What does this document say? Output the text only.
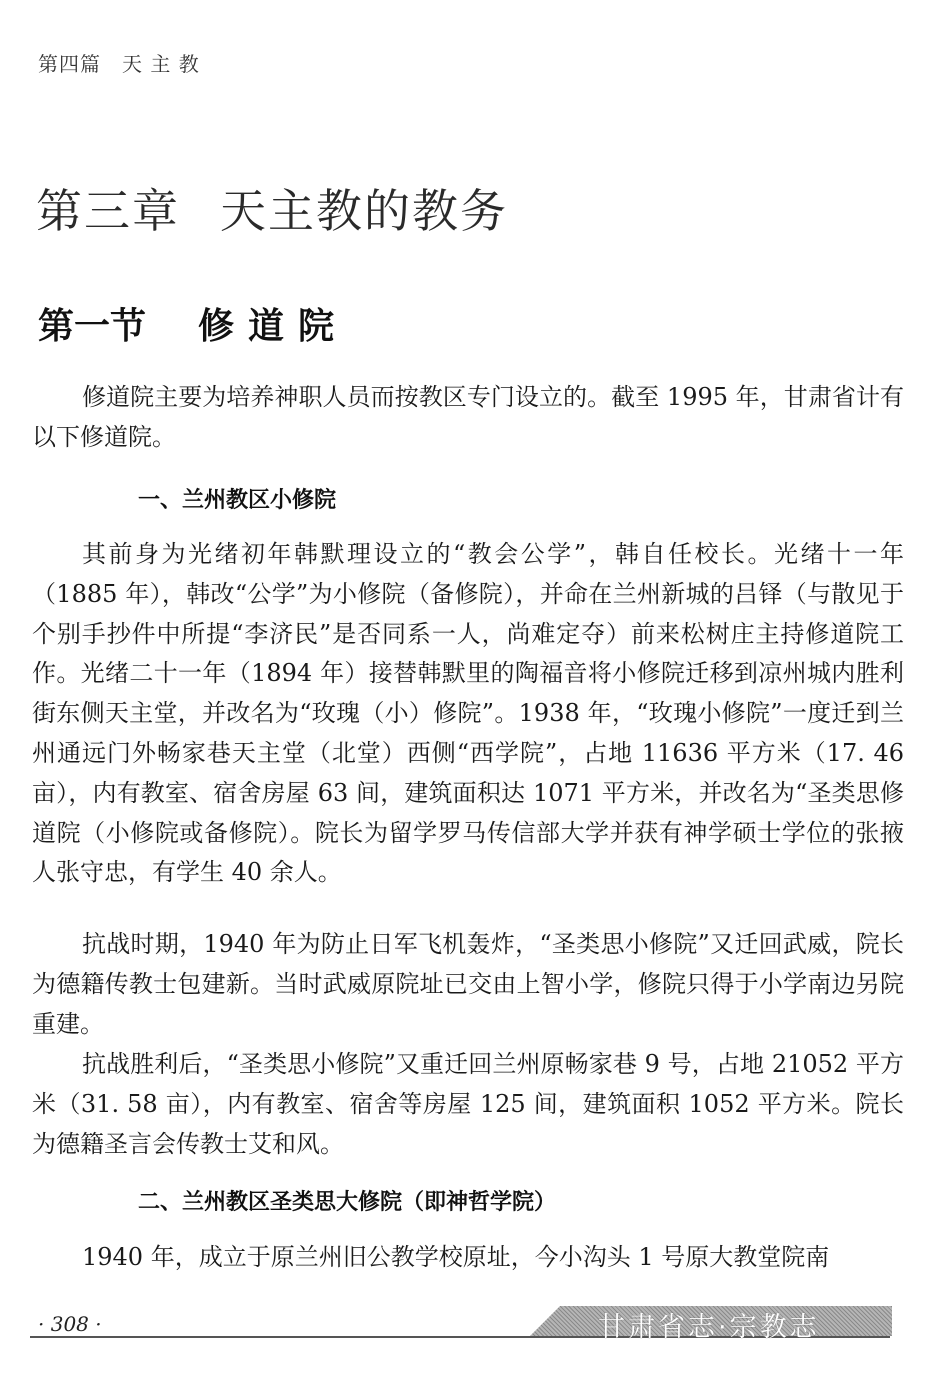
第四篇　天 主 教
第三章 天主教的教务
第一节 修道院

修道院主要为培养神职人员而按教区专门设立的。截至 1995 年，甘肃省计有以下修道院。

一、兰州教区小修院

其前身为光绪初年韩默理设立的“教会公学”，韩自任校长。光绪十一年（1885 年），韩改“公学”为小修院（备修院），并命在兰州新城的吕铎（与散见于个别手抄件中所提“李济民”是否同系一人，尚难定夺）前来松树庄主持修道院工作。光绪二十一年（1894 年）接替韩默里的陶福音将小修院迁移到凉州城内胜利街东侧天主堂，并改名为“玫瑰（小）修院”。1938 年，“玫瑰小修院”一度迁到兰州通远门外畅家巷天主堂（北堂）西侧“西学院”，占地 11636 平方米（17. 46 亩），内有教室、宿舍房屋 63 间，建筑面积达 1071 平方米，并改名为“圣类思修道院（小修院或备修院）。院长为留学罗马传信部大学并获有神学硕士学位的张掖人张守忠，有学生 40 余人。

抗战时期，1940 年为防止日军飞机轰炸，“圣类思小修院”又迁回武威，院长为德籍传教士包建新。当时武威原院址已交由上智小学，修院只得于小学南边另院重建。

抗战胜利后，“圣类思小修院”又重迁回兰州原畅家巷 9 号，占地 21052 平方米（31. 58 亩），内有教室、宿舍等房屋 125 间，建筑面积 1052 平方米。院长为德籍圣言会传教士艾和风。

二、兰州教区圣类思大修院（即神哲学院）

1940 年，成立于原兰州旧公教学校原址，今小沟头 1 号原大教堂院南

· 308 ·	甘肃省志·宗教志
